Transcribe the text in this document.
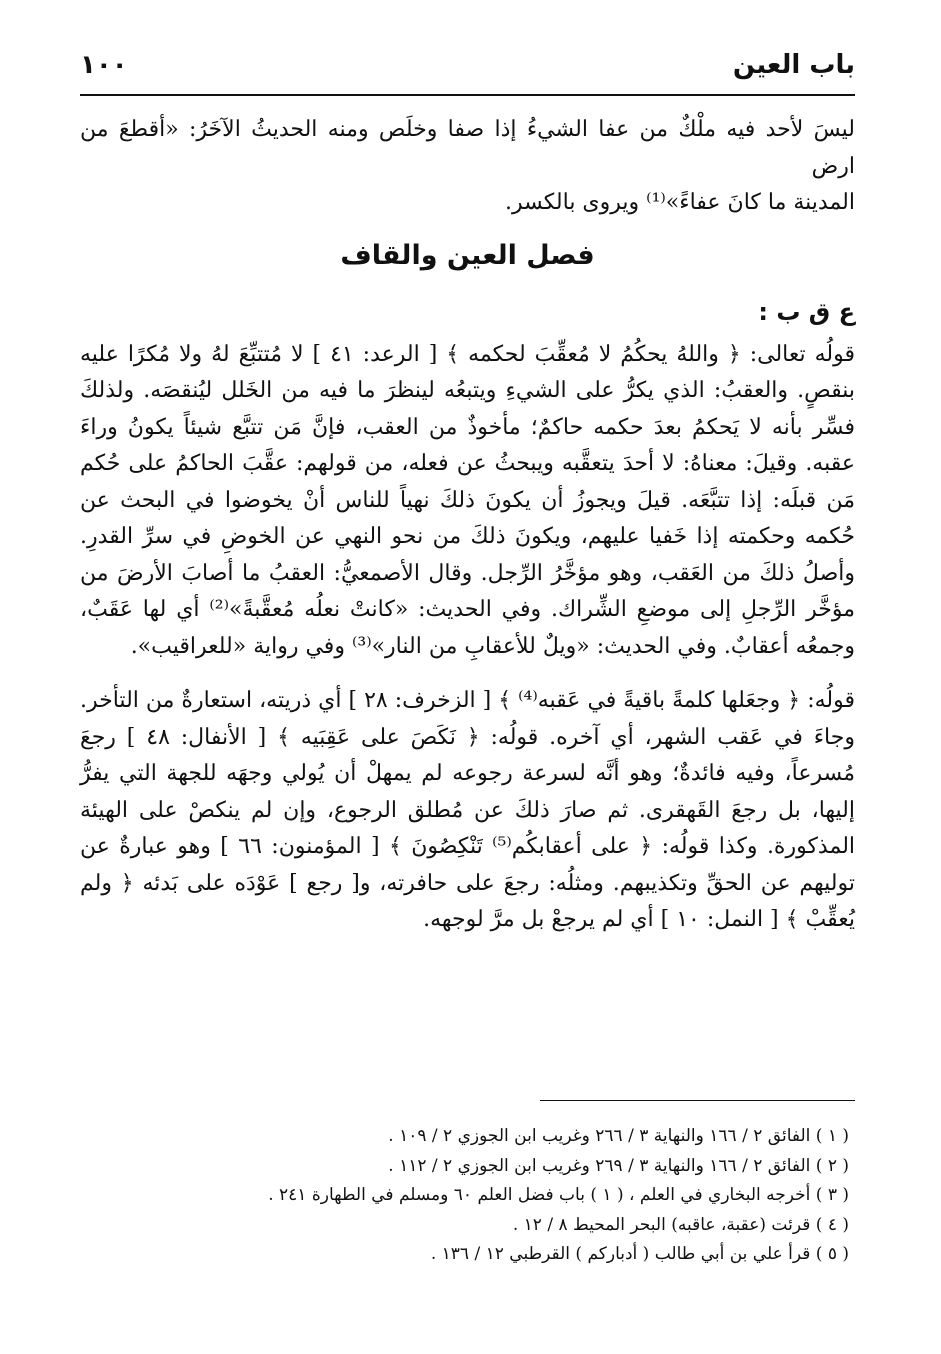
باب العين
١٠٠

ليسَ لأحد فيه ملْكٌ من عفا الشيءُ إذا صفا وخلَص ومنه الحديثُ الآخَرُ: «أقطعَ من ارض

المدينة ما كانَ عفاءً»⁽¹⁾ ويروى بالكسر.

فصل العين والقاف

ع ق ب :

قولُه تعالى: ﴿ واللهُ يحكُمُ لا مُعقِّبَ لحكمه ﴾ [ الرعد: ٤١ ] لا مُتتبِّعَ لهُ ولا مُكرًا عليه بنقصٍ. والعقبُ: الذي يكرُّ على الشيءِ ويتبعُه لينظرَ ما فيه من الخَلل ليُنقصَه. ولذلكَ فسِّر بأنه لا يَحكمُ بعدَ حكمه حاكمٌ؛ مأخوذٌ من العقب، فإنَّ مَن تتبَّع شيئاً يكونُ وراءَ عقبه. وقيلَ: معناهُ: لا أحدَ يتعقَّبه ويبحثُ عن فعله، من قولهم: عقَّبَ الحاكمُ على حُكم مَن قبلَه: إذا تتبَّعَه. قيلَ ويجوزُ أن يكونَ ذلكَ نهياً للناس أنْ يخوضوا في البحث عن حُكمه وحكمته إذا خَفيا عليهم، ويكونَ ذلكَ من نحو النهي عن الخوضِ في سرِّ القدرِ. وأصلُ ذلكَ من العَقب، وهو مؤخَّرُ الرِّجل. وقال الأصمعيُّ: العقبُ ما أصابَ الأرضَ من مؤخَّر الرِّجلِ إلى موضعِ الشِّراك. وفي الحديث: «كانتْ نعلُه مُعقَّبةً»⁽²⁾ أي لها عَقَبٌ، وجمعُه أعقابٌ. وفي الحديث: «ويلٌ للأعقابِ من النار»⁽³⁾ وفي رواية «للعراقيب».

قولُه: ﴿ وجعَلها كلمةً باقيةً في عَقبه⁽⁴⁾ ﴾ [ الزخرف: ٢٨ ] أي ذريته، استعارةٌ من التأخر. وجاءَ في عَقب الشهر، أي آخره. قولُه: ﴿ نَكَصَ على عَقِبَيه ﴾ [ الأنفال: ٤٨ ] رجعَ مُسرعاً، وفيه فائدةٌ؛ وهو أنَّه لسرعة رجوعه لم يمهلْ أن يُولي وجهَه للجهة التي يفرُّ إليها، بل رجعَ القَهقرى. ثم صارَ ذلكَ عن مُطلق الرجوع، وإن لم ينكصْ على الهيئة المذكورة. وكذا قولُه: ﴿ على أعقابكُم⁽⁵⁾ تَنْكِصُونَ ﴾ [ المؤمنون: ٦٦ ] وهو عبارةٌ عن توليهم عن الحقِّ وتكذيبهم. ومثلُه: رجعَ على حافرته، و[ رجع ] عَوْدَه على بَدئه ﴿ ولم يُعقِّبْ ﴾ [ النمل: ١٠ ] أي لم يرجعْ بل مرَّ لوجهه.

( ١ ) الفائق ٢ / ١٦٦ والنهاية ٣ / ٢٦٦ وغريب ابن الجوزي ٢ / ١٠٩ .

( ٢ ) الفائق ٢ / ١٦٦ والنهاية ٣ / ٢٦٩ وغريب ابن الجوزي ٢ / ١١٢ .

( ٣ ) أخرجه البخاري في العلم ، ( ١ ) باب فضل العلم ٦٠ ومسلم في الطهارة ٢٤١ .

( ٤ ) قرئت (عقبة، عاقبه) البحر المحيط ٨ / ١٢ .

( ٥ ) قرأ علي بن أبي طالب ( أدباركم ) القرطبي ١٢ / ١٣٦ .
